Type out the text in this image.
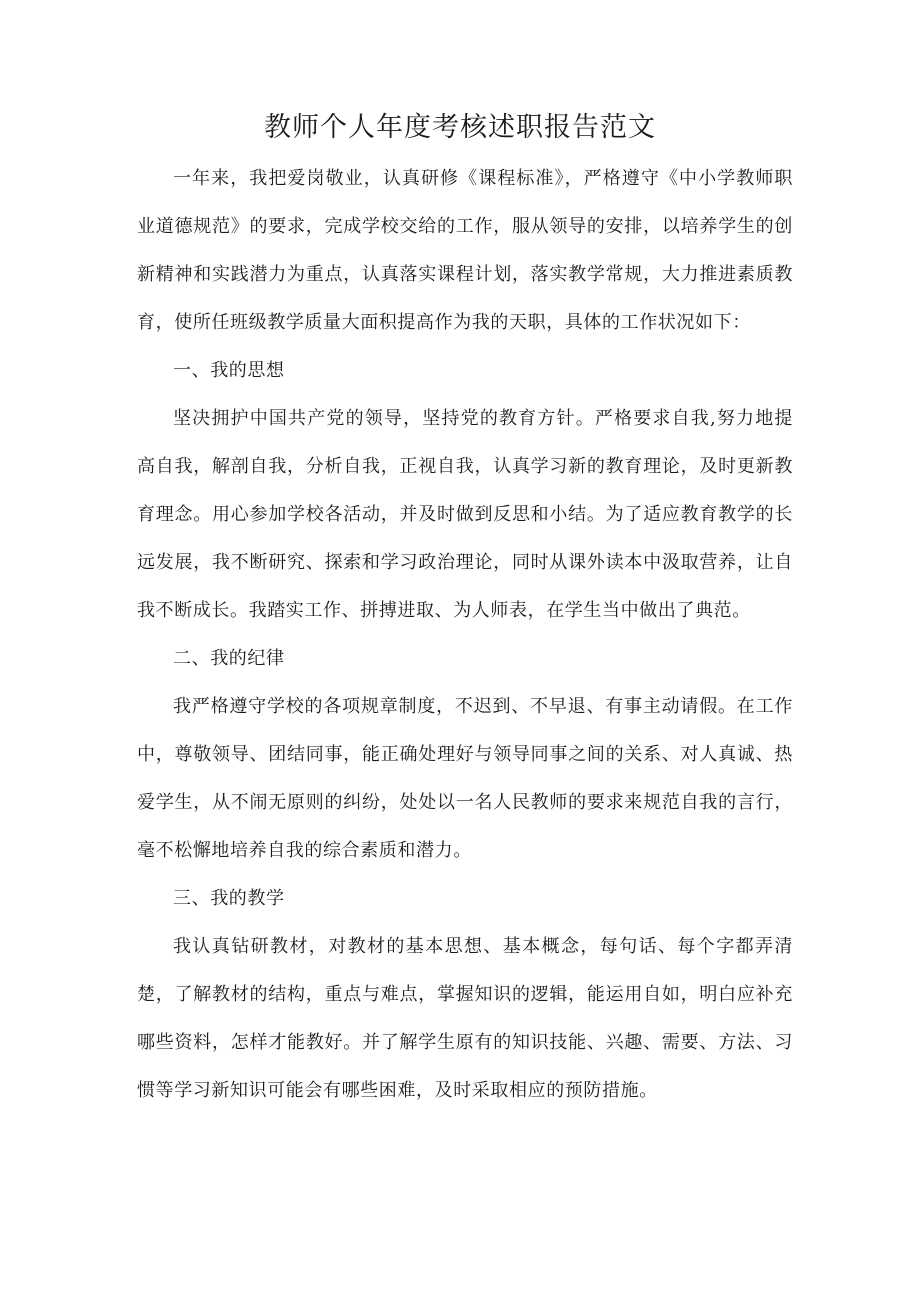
教师个人年度考核述职报告范文

一年来，我把爱岗敬业，认真研修《课程标准》，严格遵守《中小学教师职业道德规范》的要求，完成学校交给的工作，服从领导的安排，以培养学生的创新精神和实践潜力为重点，认真落实课程计划，落实教学常规，大力推进素质教育，使所任班级教学质量大面积提高作为我的天职，具体的工作状况如下：

一、我的思想

坚决拥护中国共产党的领导，坚持党的教育方针。严格要求自我,努力地提高自我，解剖自我，分析自我，正视自我，认真学习新的教育理论，及时更新教育理念。用心参加学校各活动，并及时做到反思和小结。为了适应教育教学的长远发展，我不断研究、探索和学习政治理论，同时从课外读本中汲取营养，让自我不断成长。我踏实工作、拼搏进取、为人师表，在学生当中做出了典范。

二、我的纪律

我严格遵守学校的各项规章制度，不迟到、不早退、有事主动请假。在工作中，尊敬领导、团结同事，能正确处理好与领导同事之间的关系、对人真诚、热爱学生，从不闹无原则的纠纷，处处以一名人民教师的要求来规范自我的言行，毫不松懈地培养自我的综合素质和潜力。

三、我的教学

我认真钻研教材，对教材的基本思想、基本概念，每句话、每个字都弄清楚，了解教材的结构，重点与难点，掌握知识的逻辑，能运用自如，明白应补充哪些资料，怎样才能教好。并了解学生原有的知识技能、兴趣、需要、方法、习惯等学习新知识可能会有哪些困难，及时采取相应的预防措施。
